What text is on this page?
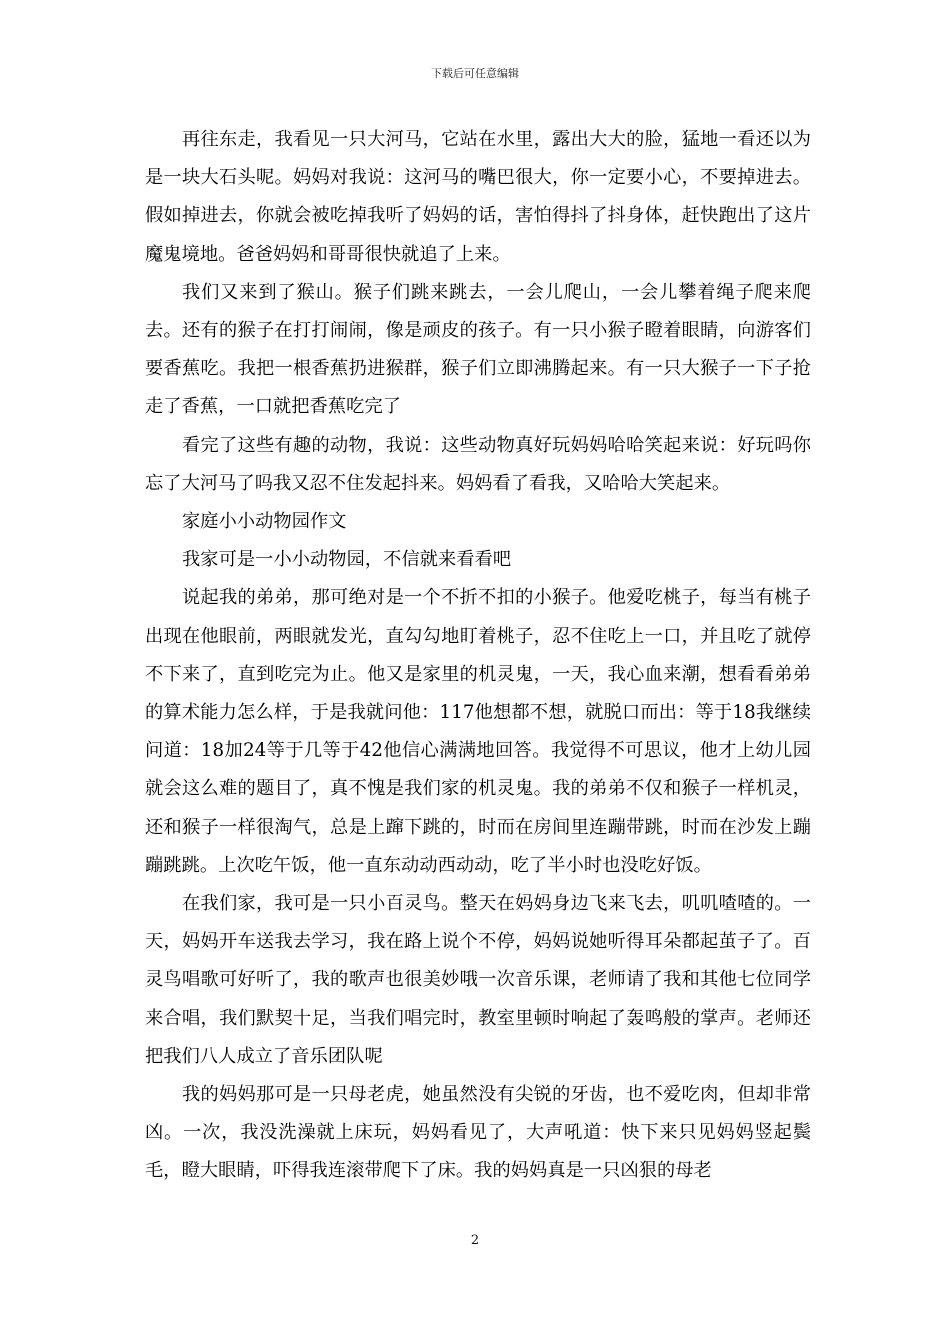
下载后可任意编辑

再往东走，我看见一只大河马，它站在水里，露出大大的脸，猛地一看还以为是一块大石头呢。妈妈对我说：这河马的嘴巴很大，你一定要小心，不要掉进去。假如掉进去，你就会被吃掉我听了妈妈的话，害怕得抖了抖身体，赶快跑出了这片魔鬼境地。爸爸妈妈和哥哥很快就追了上来。

我们又来到了猴山。猴子们跳来跳去，一会儿爬山，一会儿攀着绳子爬来爬去。还有的猴子在打打闹闹，像是顽皮的孩子。有一只小猴子瞪着眼睛，向游客们要香蕉吃。我把一根香蕉扔进猴群，猴子们立即沸腾起来。有一只大猴子一下子抢走了香蕉，一口就把香蕉吃完了

看完了这些有趣的动物，我说：这些动物真好玩妈妈哈哈笑起来说：好玩吗你忘了大河马了吗我又忍不住发起抖来。妈妈看了看我，又哈哈大笑起来。

家庭小小动物园作文

我家可是一小小动物园，不信就来看看吧

说起我的弟弟，那可绝对是一个不折不扣的小猴子。他爱吃桃子，每当有桃子出现在他眼前，两眼就发光，直勾勾地盯着桃子，忍不住吃上一口，并且吃了就停不下来了，直到吃完为止。他又是家里的机灵鬼，一天，我心血来潮，想看看弟弟的算术能力怎么样，于是我就问他：117他想都不想，就脱口而出：等于18我继续问道：18加24等于几等于42他信心满满地回答。我觉得不可思议，他才上幼儿园就会这么难的题目了，真不愧是我们家的机灵鬼。我的弟弟不仅和猴子一样机灵，还和猴子一样很淘气，总是上蹿下跳的，时而在房间里连蹦带跳，时而在沙发上蹦蹦跳跳。上次吃午饭，他一直东动动西动动，吃了半小时也没吃好饭。

在我们家，我可是一只小百灵鸟。整天在妈妈身边飞来飞去，叽叽喳喳的。一天，妈妈开车送我去学习，我在路上说个不停，妈妈说她听得耳朵都起茧子了。百灵鸟唱歌可好听了，我的歌声也很美妙哦一次音乐课，老师请了我和其他七位同学来合唱，我们默契十足，当我们唱完时，教室里顿时响起了轰鸣般的掌声。老师还把我们八人成立了音乐团队呢

我的妈妈那可是一只母老虎，她虽然没有尖锐的牙齿，也不爱吃肉，但却非常凶。一次，我没洗澡就上床玩，妈妈看见了，大声吼道：快下来只见妈妈竖起鬓毛，瞪大眼睛，吓得我连滚带爬下了床。我的妈妈真是一只凶狠的母老

2
